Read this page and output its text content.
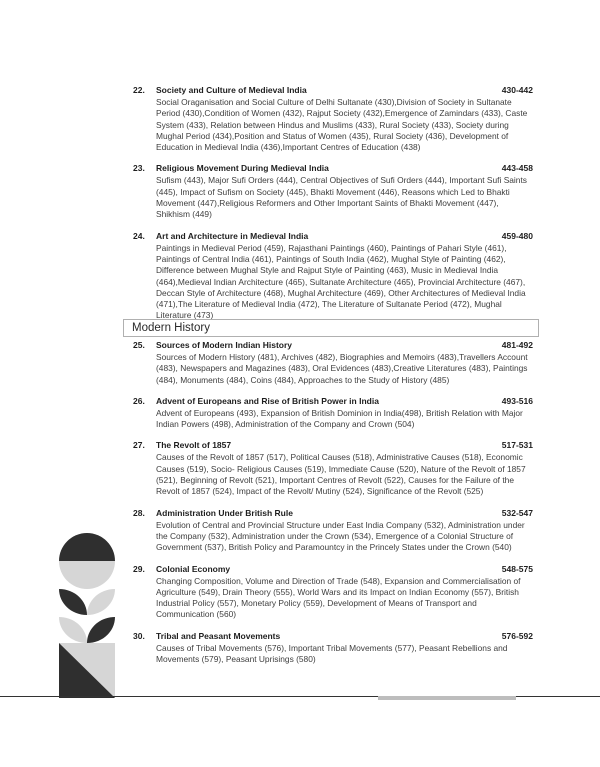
22.	Society and Culture of Medieval India	430-442
Social Oraganisation and Social Culture of Delhi Sultanate (430),Division of Society in Sultanate Period (430),Condition of Women (432), Rajput Society (432),Emergence of Zamindars (433), Caste System (433), Relation between Hindus and Muslims (433), Rural Society (433), Society during Mughal Period (434),Position and Status of Women (435), Rural Society (436), Development of Education in Medieval India (436),Important Centres of Education (438)
23.	Religious Movement During Medieval India	443-458
Sufism (443), Major Sufi Orders (444), Central Objectives of Sufi Orders (444), Important Sufi Saints (445), Impact of Sufism on Society (445), Bhakti Movement (446), Reasons which Led to Bhakti Movement (447),Religious Reformers and Other Important Saints of Bhakti Movement (447), Shikhism (449)
24.	Art and Architecture in Medieval India	459-480
Paintings in Medieval Period (459), Rajasthani Paintings (460), Paintings of Pahari Style (461), Paintings of Central India (461), Paintings of South India (462), Mughal Style of Painting (462), Difference between Mughal Style and Rajput Style of Painting (463), Music in Medieval India (464),Medieval Indian Architecture (465), Sultanate Architecture (465), Provincial Architecture (467), Deccan Style of Architecture (468), Mughal Architecture (469), Other Architectures of Medieval India (471),The Literature of Medieval India (472), The Literature of Sultanate Period (472), Mughal Literature (473)
Modern History
25.	Sources of Modern Indian History	481-492
Sources of Modern History (481), Archives (482), Biographies and Memoirs (483),Travellers Account (483), Newspapers and Magazines (483), Oral Evidences (483),Creative Literatures (483), Paintings (484), Monuments (484), Coins (484), Approaches to the Study of History (485)
26.	Advent of Europeans and Rise of British Power in India	493-516
Advent of Europeans (493), Expansion of British Dominion in India(498), British Relation with Major Indian Powers (498), Administration of the Company and Crown (504)
27.	The Revolt of 1857	517-531
Causes of the Revolt of 1857 (517), Political Causes (518), Administrative Causes (518), Economic Causes (519), Socio- Religious Causes (519), Immediate Cause (520), Nature of the Revolt of 1857 (521), Beginning of Revolt (521), Important Centres of Revolt (522), Causes for the Failure of the Revolt of 1857 (524), Impact of the Revolt/ Mutiny (524), Significance of the Revolt (525)
28.	Administration Under British Rule	532-547
Evolution of Central and Provincial Structure under East India Company (532), Administration under the Company (532), Administration under the Crown (534), Emergence of a Colonial Structure of Government (537), British Policy and Paramountcy in the Princely States under the Crown (540)
29.	Colonial Economy	548-575
Changing Composition, Volume and Direction of Trade (548), Expansion and Commercialisation of Agriculture (549), Drain Theory (555), World Wars and its Impact on Indian Economy (557), British Industrial Policy (557), Monetary Policy (559), Development of Means of Transport and Communication (560)
30.	Tribal and Peasant Movements	576-592
Causes of Tribal Movements (576), Important Tribal Movements (577), Peasant Rebellions and Movements (579), Peasant Uprisings (580)
